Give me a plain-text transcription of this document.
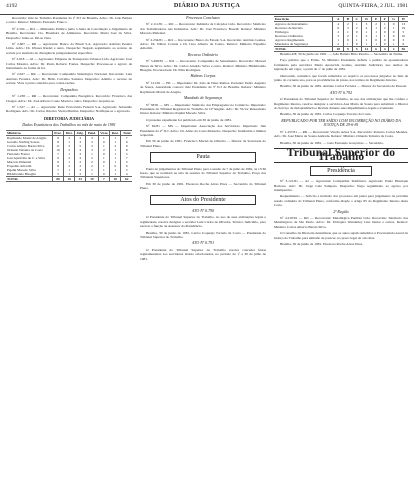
4192	DIÁRIO DA JUSTIÇA	QUINTA-FEIRA, 2 JUL. 1981

Recorrido: Juiz do Trabalho Presidente da 1ª JCJ de Brasília. Advs.: Dr. João Batista e outro. Relator: Ministro Fernando Franco.

Nº 2.594 — RO — Ministério Público junto à Junta de Conciliação e Julgamento de Brasília. Recorrente: Cia. Brasileira de Alimentos. Recorrida: Maria José da Silva. Despacho: Junte-se. Dê-se vista.

Nº 2.607 — RR — Agravante: Banco do Brasil S.A. Agravado: Antônio Pereira Lima. Advs.: Dr. Ulisses Riedel e outro. Despacho: Negado seguimento ao recurso de revista por ausência de divergência jurisprudencial específica.

Nº 2.618 — AI — Agravante: Empresa de Transportes Urbanos Ltda. Agravado: José Carlos Moreira. Advs.: Dr. Paulo Roberto Fontes. Despacho: Processe-se o agravo de instrumento na forma da lei.

Nº 2.627 — RR — Recorrente: Companhia Siderúrgica Nacional. Recorrido: Luiz Antônio Ferreira. Adv.: Dr. Hélio Carvalho Santana. Despacho: Admito o recurso de revista. Vista à parte contrária para contra-razões.

Despachos

Nº 1.238 — RR — Recorrente: Companhia Energética. Recorrido: Francisco das Chagas. Advs.: Dr. José Alberto Couto Maciel e outro. Despacho: Arquive-se.

Nº 1.527 — AI — Agravante: Rede Ferroviária Federal S.A. Agravado: Sebastião Rodrigues. Adv.: Dr. Carlos Odorico Vieira Martins. Despacho: Notifique-se o agravado.

DIRETORIA JUDICIÁRIA

Dados Estatísticos dos Trabalhos no mês de maio de 1981

Ministros	Proc.	Dist.	Julg.	Pend.	Vista	Rest.	Total
Raymundo Moniz de Aragão	9	2	4	3	1	1	7
Geraldo Starling Soares	8	1	3	2	0	1	6
Carlos Alberto Barata Silva	11	3	5	2	1	2	9
Orlando Teixeira da Costa	10	2	4	3	2	1	8
Fernando Franco	7	1	3	1	0	1	5
José Ajuricaba da C. e Silva	9	2	4	2	1	1	7
Marcelo Pimentel	6	1	2	2	0	1	5
Expedito Amorim	8	2	3	2	1	0	6
Pajehú Macedo Silva	7	1	3	1	1	1	5
Hildebrando Bisaglia	5	1	2	1	0	1	4
TOTAL	80	16	33	19	7	10	62

Processos Conclusos

Nº 2.111/81 — RO — Recorrente: Indústria de Calçados Ltda. Recorrido: Sindicato dos Trabalhadores nas Indústrias. Adv.: Dr. José Francisco Boselli. Relator: Ministro Marcelo Pimentel.

Nº 2.234/81 — RO — Recorrente: Banco do Estado S.A. Recorrido: Antônio Gomes. Advs.: Dr. Nilton Correia e Dr. Lino Alberto de Castro. Relator: Ministro Expedito Amorim.

Recurso Ordinário

Nº 5.498/81 — RO — Recorrente: Companhia de Saneamento. Recorrido: Manoel Nunes da Silva. Advs.: Dr. Carlos Arnaldo Selva e outro. Relator: Ministro Hildebrando Bisaglia. Procuradoria: Dr. Ediu Rodrigues.

Habeas Corpus

Nº 121/81 — HC — Impetrante: Dr. João de Deus Ramos. Paciente: Pedro Augusto de Souza. Autoridade coatora: Juiz Presidente da 5ª JCJ de Brasília. Relator: Ministro Raymundo Moniz de Aragão.

Mandado de Segurança

Nº 58/81 — MS — Impetrante: Sindicato dos Empregados no Comércio. Impetrado: Presidente do Tribunal Regional do Trabalho da 10ª Região. Adv.: Dr. Victor Russomano Júnior. Relator: Ministro Pajehú Macedo Silva.

O presente expediente foi publicado em 30 de junho de 1981.

Nº 62/81 — MS — Impetrante: Associação dos Servidores. Impetrado: Juiz Presidente da 2ª JCJ. Advs.: Dr. Alino da Costa Monteiro. Despacho: Indeferida a liminar requerida.

Em 30 de junho de 1981. Francisco Maciel de Oliveira — Diretor da Secretaria do Tribunal Pleno.

Pauta

Pauta de julgamentos do Tribunal Pleno para a sessão de 7 de julho de 1981, às 13:30 horas, que se realizará na sala de sessões do Tribunal Superior do Trabalho, Praça dos Tribunais Superiores.

Em 30 de junho de 1981. Eleonora Rocha Alves Pires — Secretária do Tribunal Pleno.

Atos do Presidente

ATO Nº 6.790

O Presidente do Tribunal Superior do Trabalho, no uso de suas atribuições legais e regimentais, resolve designar o servidor Luiz Carlos de Oliveira, Técnico Judiciário, para exercer a função de Assessor da Presidência.

Brasília, 30 de junho de 1981. Carlos Coqueijo Torreão da Costa — Presidente do Tribunal Superior do Trabalho.

ATO Nº 6.791

O Presidente do Tribunal Superior do Trabalho resolve conceder férias regulamentares aos servidores abaixo relacionados, no período de 1º a 30 de julho de 1981.

Descrição	A	B	C	D	E	F	G	H
Agravos de Instrumento	4	2	1	3	2	1	0	13
Recursos de Revista	6	3	2	4	1	2	1	19
Embargos	2	1	0	1	1	0	0	5
Recursos Ordinários	3	2	1	2	1	1	0	10
Agravos Regimentais	1	0	1	1	0	0	0	3
Mandados de Segurança	2	1	0	1	1	0	1	6
TOTAL	18	9	5	12	6	4	2	56

Brasília-DF, 30 de junho de 1981. — João Batista Brito Pereira — Secretário da Turma.

Faço público que o Exmo. Sr. Ministro Presidente deferiu o pedido de aposentadoria formulado pela servidora Maria Aparecida Gomes, Auxiliar Judiciário, nos termos da legislação em vigor, a partir de 1º de julho de 1981.

Outrossim, comunica que foram remetidos ao arquivo os processos julgados no mês de junho do corrente ano, para as providências de praxe, nos termos do Regimento Interno.

Brasília, 30 de junho de 1981. Antônio Carlos Ferreira — Diretor da Secretaria de Pessoal.

ATO Nº 6.792

O Presidente do Tribunal Superior do Trabalho, no uso das atribuições que lhe confere o Regimento Interno, resolve designar a servidora Ana Maria de Souza para substituir o Diretor do Serviço de Jurisprudência e Revista durante seus impedimentos legais e eventuais.

Brasília, 30 de junho de 1981. Carlos Coqueijo Torreão da Costa.

REPUBLICADO POR TER SAÍDO COM INCORREÇÃO NO DIÁRIO DA JUSTIÇA DE 29-6-81

Nº 1.437/81 — RR — Recorrente: Viação Aérea S.A. Recorrido: Roberto Carlos Mendes. Adv.: Dr. José Maria de Souza Andrade. Relator: Ministro Orlando Teixeira da Costa.

Brasília, 30 de junho de 1981. — Luiz Fernando Gonçalves — Secretário.

Tribunal Superior do Trabalho
Presidência

Nº 3.121/81 — AI — Agravante: Companhia Telefônica. Agravado: Paulo Henrique Barbosa. Adv.: Dr. Jorge Luiz Sampaio. Despacho: Nego seguimento ao agravo por intempestivo.

Requerimento — Solicito a inclusão dos processos em pauta para julgamento na próxima sessão ordinária do Tribunal Pleno, conforme dispõe o artigo 85 do Regimento Interno desta Corte.

2ª Região

Nº 4.218/81 — RO — Recorrente: Metalúrgica Paulista Ltda. Recorrido: Sindicato dos Metalúrgicos de São Paulo. Advs.: Dr. Ubirajara Wanderley Lins Júnior e outros. Relator: Ministro Carlos Alberto Barata Silva.

O Conselho da Diretoria determinou que os autos sejam remetidos à Procuradoria-Geral da Justiça do Trabalho para emissão de parecer, no prazo legal de oito dias.

Brasília, 30 de junho de 1981. Eleonora Rocha Alves Pires.
